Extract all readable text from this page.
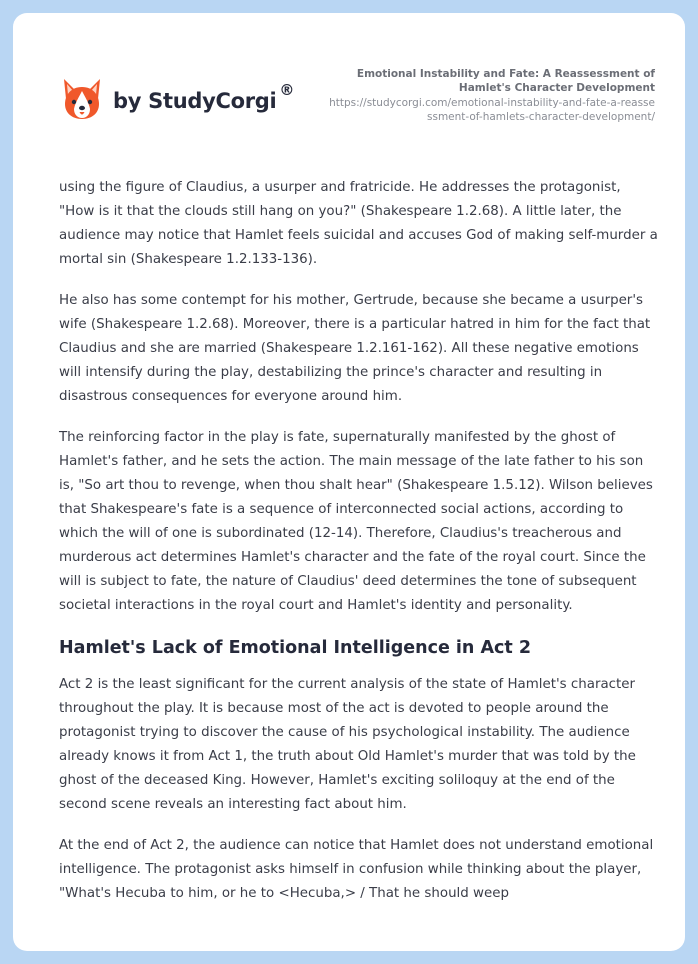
by StudyCorgi ®
Emotional Instability and Fate: A Reassessment of Hamlet's Character Development
https://studycorgi.com/emotional-instability-and-fate-a-reassessment-of-hamlets-character-development/

using the figure of Claudius, a usurper and fratricide. He addresses the protagonist, "How is it that the clouds still hang on you?" (Shakespeare 1.2.68). A little later, the audience may notice that Hamlet feels suicidal and accuses God of making self-murder a mortal sin (Shakespeare 1.2.133-136).

He also has some contempt for his mother, Gertrude, because she became a usurper's wife (Shakespeare 1.2.68). Moreover, there is a particular hatred in him for the fact that Claudius and she are married (Shakespeare 1.2.161-162). All these negative emotions will intensify during the play, destabilizing the prince's character and resulting in disastrous consequences for everyone around him.

The reinforcing factor in the play is fate, supernaturally manifested by the ghost of Hamlet's father, and he sets the action. The main message of the late father to his son is, "So art thou to revenge, when thou shalt hear" (Shakespeare 1.5.12). Wilson believes that Shakespeare's fate is a sequence of interconnected social actions, according to which the will of one is subordinated (12-14). Therefore, Claudius's treacherous and murderous act determines Hamlet's character and the fate of the royal court. Since the will is subject to fate, the nature of Claudius' deed determines the tone of subsequent societal interactions in the royal court and Hamlet's identity and personality.

Hamlet's Lack of Emotional Intelligence in Act 2

Act 2 is the least significant for the current analysis of the state of Hamlet's character throughout the play. It is because most of the act is devoted to people around the protagonist trying to discover the cause of his psychological instability. The audience already knows it from Act 1, the truth about Old Hamlet's murder that was told by the ghost of the deceased King. However, Hamlet's exciting soliloquy at the end of the second scene reveals an interesting fact about him.

At the end of Act 2, the audience can notice that Hamlet does not understand emotional intelligence. The protagonist asks himself in confusion while thinking about the player, "What's Hecuba to him, or he to <Hecuba,> / That he should weep
